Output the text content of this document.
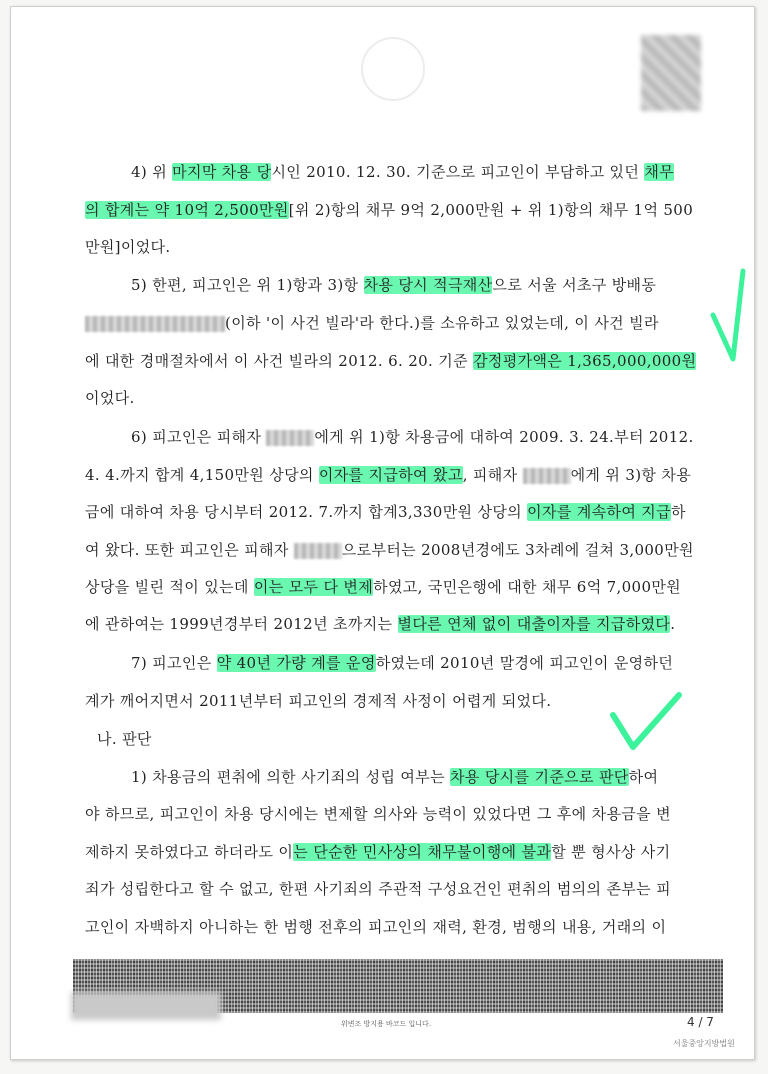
4) 위 마지막 차용 당시인 2010. 12. 30. 기준으로 피고인이 부담하고 있던 채무
의 합계는 약 10억 2,500만원[위 2)항의 채무 9억 2,000만원 + 위 1)항의 채무 1억 500
만원]이었다.
5) 한편, 피고인은 위 1)항과 3)항 차용 당시 적극재산으로 서울 서초구 방배동
(이하 '이 사건 빌라'라 한다.)를 소유하고 있었는데, 이 사건 빌라
에 대한 경매절차에서 이 사건 빌라의 2012. 6. 20. 기준 감정평가액은 1,365,000,000원
이었다.
6) 피고인은 피해자	에게 위 1)항 차용금에 대하여 2009. 3. 24.부터 2012.
4. 4.까지 합계 4,150만원 상당의 이자를 지급하여 왔고, 피해자	에게 위 3)항 차용
금에 대하여 차용 당시부터 2012. 7.까지 합계3,330만원 상당의 이자를 계속하여 지급하
여 왔다. 또한 피고인은 피해자	으로부터는 2008년경에도 3차례에 걸쳐 3,000만원
상당을 빌린 적이 있는데 이는 모두 다 변제하였고, 국민은행에 대한 채무 6억 7,000만원
에 관하여는 1999년경부터 2012년 초까지는 별다른 연체 없이 대출이자를 지급하였다.
7) 피고인은 약 40년 가량 계를 운영하였는데 2010년 말경에 피고인이 운영하던
계가 깨어지면서 2011년부터 피고인의 경제적 사정이 어렵게 되었다.
나. 판단
1) 차용금의 편취에 의한 사기죄의 성립 여부는 차용 당시를 기준으로 판단하여
야 하므로, 피고인이 차용 당시에는 변제할 의사와 능력이 있었다면 그 후에 차용금을 변
제하지 못하였다고 하더라도 이는 단순한 민사상의 채무불이행에 불과할 뿐 형사상 사기
죄가 성립한다고 할 수 없고, 한편 사기죄의 주관적 구성요건인 편취의 범의의 존부는 피
고인이 자백하지 아니하는 한 범행 전후의 피고인의 재력, 환경, 범행의 내용, 거래의 이
위변조 방지용 바코드 입니다.	4 / 7
서울중앙지방법원
